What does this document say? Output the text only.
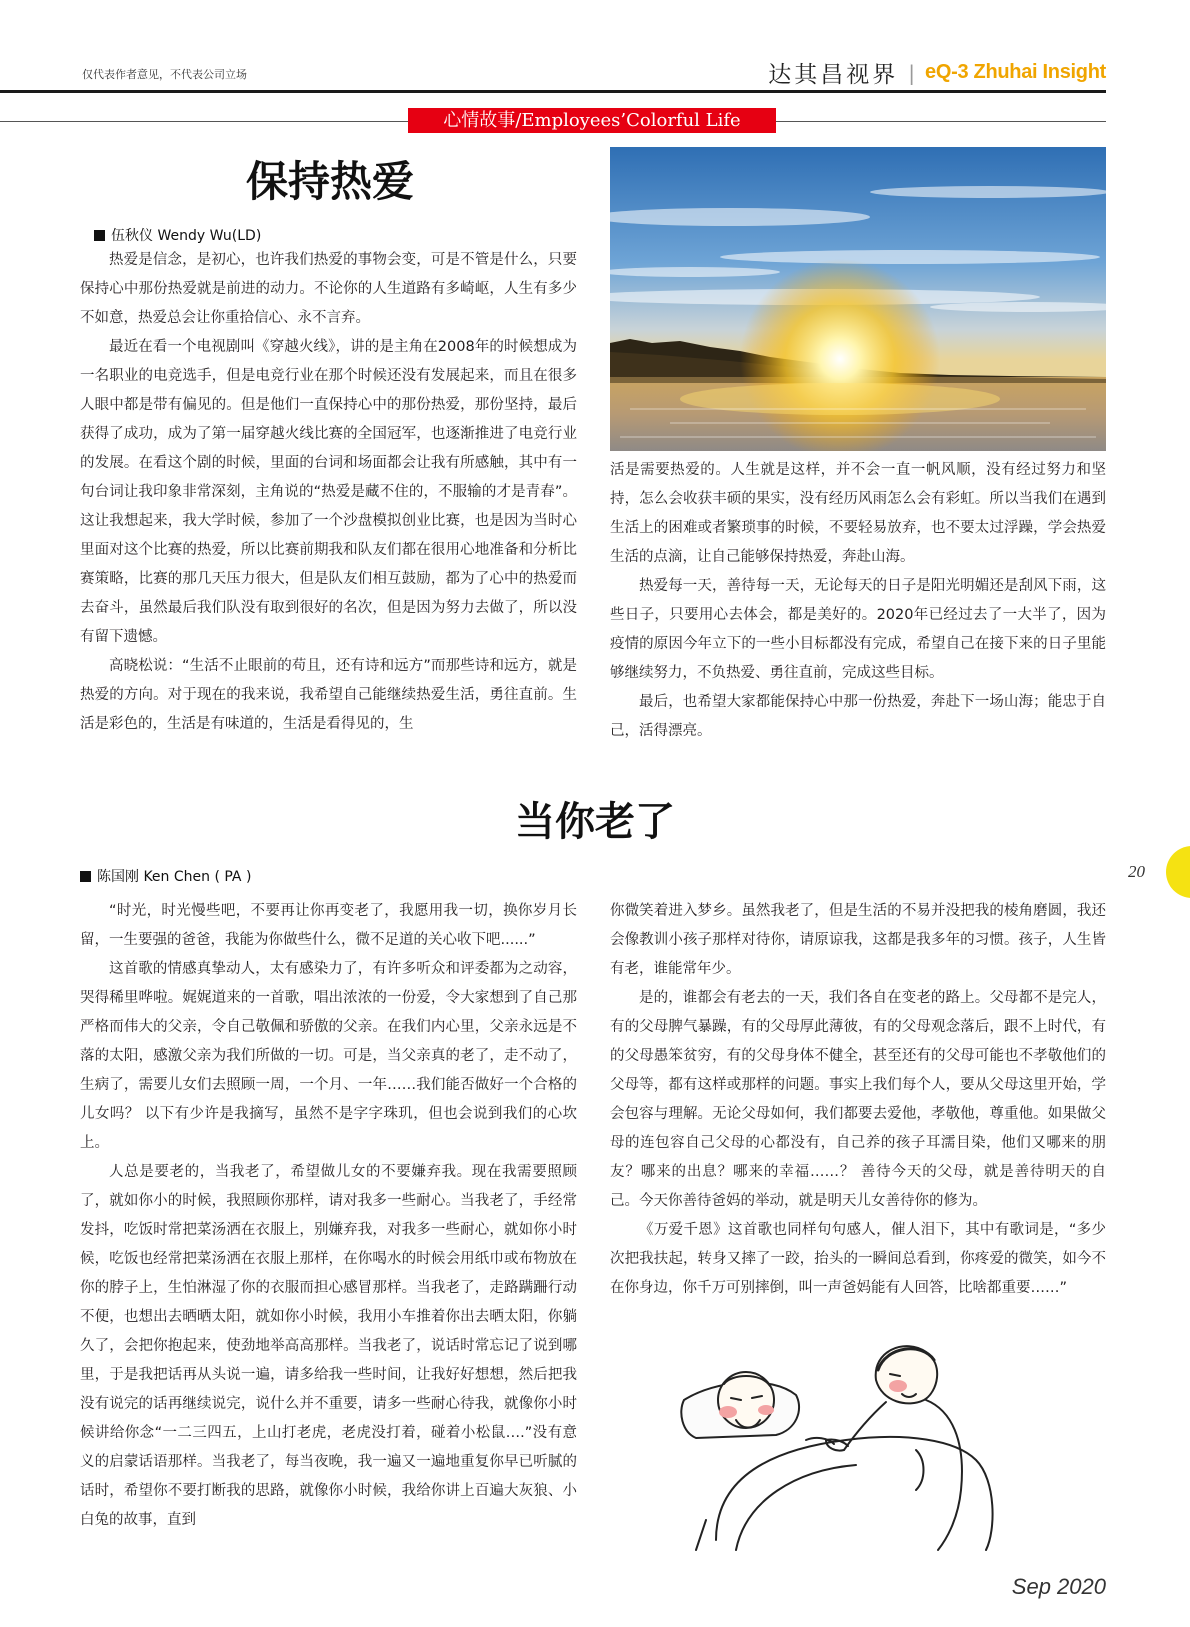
仅代表作者意见，不代表公司立场	达其昌视界 | eQ-3 Zhuhai Insight
心情故事/Employees’Colorful Life
保持热爱
伍秋仪 Wendy Wu(LD)

热爱是信念，是初心，也许我们热爱的事物会变，可是不管是什么，只要保持心中那份热爱就是前进的动力。不论你的人生道路有多崎岖，人生有多少不如意，热爱总会让你重拾信心、永不言弃。

最近在看一个电视剧叫《穿越火线》，讲的是主角在2008年的时候想成为一名职业的电竞选手，但是电竞行业在那个时候还没有发展起来，而且在很多人眼中都是带有偏见的。但是他们一直保持心中的那份热爱，那份坚持，最后获得了成功，成为了第一届穿越火线比赛的全国冠军，也逐渐推进了电竞行业的发展。在看这个剧的时候，里面的台词和场面都会让我有所感触，其中有一句台词让我印象非常深刻，主角说的“热爱是藏不住的，不服输的才是青春”。这让我想起来，我大学时候，参加了一个沙盘模拟创业比赛，也是因为当时心里面对这个比赛的热爱，所以比赛前期我和队友们都在很用心地准备和分析比赛策略，比赛的那几天压力很大，但是队友们相互鼓励，都为了心中的热爱而去奋斗，虽然最后我们队没有取到很好的名次，但是因为努力去做了，所以没有留下遗憾。

高晓松说：“生活不止眼前的苟且，还有诗和远方”而那些诗和远方，就是热爱的方向。对于现在的我来说，我希望自己能继续热爱生活，勇往直前。生活是彩色的，生活是有味道的，生活是看得见的，生

活是需要热爱的。人生就是这样，并不会一直一帆风顺，没有经过努力和坚持，怎么会收获丰硕的果实，没有经历风雨怎么会有彩虹。所以当我们在遇到生活上的困难或者繁琐事的时候，不要轻易放弃，也不要太过浮躁，学会热爱生活的点滴，让自己能够保持热爱，奔赴山海。

热爱每一天，善待每一天，无论每天的日子是阳光明媚还是刮风下雨，这些日子，只要用心去体会，都是美好的。2020年已经过去了一大半了，因为疫情的原因今年立下的一些小目标都没有完成，希望自己在接下来的日子里能够继续努力，不负热爱、勇往直前，完成这些目标。

最后，也希望大家都能保持心中那一份热爱，奔赴下一场山海；能忠于自己，活得漂亮。

当你老了
陈国刚 Ken Chen ( PA )

“时光，时光慢些吧，不要再让你再变老了，我愿用我一切，换你岁月长留，一生要强的爸爸，我能为你做些什么，微不足道的关心收下吧......”

这首歌的情感真挚动人，太有感染力了，有许多听众和评委都为之动容，哭得稀里哗啦。娓娓道来的一首歌，唱出浓浓的一份爱，令大家想到了自己那严格而伟大的父亲，令自己敬佩和骄傲的父亲。在我们内心里，父亲永远是不落的太阳，感激父亲为我们所做的一切。可是，当父亲真的老了，走不动了，生病了，需要儿女们去照顾一周，一个月、一年……我们能否做好一个合格的儿女吗？ 以下有少许是我摘写，虽然不是字字珠玑，但也会说到我们的心坎上。

人总是要老的，当我老了，希望做儿女的不要嫌弃我。现在我需要照顾了，就如你小的时候，我照顾你那样，请对我多一些耐心。当我老了，手经常发抖，吃饭时常把菜汤洒在衣服上，别嫌弃我，对我多一些耐心，就如你小时候，吃饭也经常把菜汤洒在衣服上那样，在你喝水的时候会用纸巾或布物放在你的脖子上，生怕淋湿了你的衣服而担心感冒那样。当我老了，走路蹒跚行动不便，也想出去晒晒太阳，就如你小时候，我用小车推着你出去晒太阳，你躺久了，会把你抱起来，使劲地举高高那样。当我老了，说话时常忘记了说到哪里，于是我把话再从头说一遍，请多给我一些时间，让我好好想想，然后把我没有说完的话再继续说完，说什么并不重要，请多一些耐心待我，就像你小时候讲给你念“一二三四五，上山打老虎，老虎没打着，碰着小松鼠….”没有意义的启蒙话语那样。当我老了，每当夜晚，我一遍又一遍地重复你早已听腻的话时，希望你不要打断我的思路，就像你小时候，我给你讲上百遍大灰狼、小白兔的故事，直到

你微笑着进入梦乡。虽然我老了，但是生活的不易并没把我的棱角磨圆，我还会像教训小孩子那样对待你，请原谅我，这都是我多年的习惯。孩子，人生皆有老，谁能常年少。

是的，谁都会有老去的一天，我们各自在变老的路上。父母都不是完人，有的父母脾气暴躁，有的父母厚此薄彼，有的父母观念落后，跟不上时代，有的父母愚笨贫穷，有的父母身体不健全，甚至还有的父母可能也不孝敬他们的父母等，都有这样或那样的问题。事实上我们每个人，要从父母这里开始，学会包容与理解。无论父母如何，我们都要去爱他，孝敬他，尊重他。如果做父母的连包容自己父母的心都没有，自己养的孩子耳濡目染，他们又哪来的朋友？哪来的出息？哪来的幸福……？ 善待今天的父母，就是善待明天的自己。今天你善待爸妈的举动，就是明天儿女善待你的修为。

《万爱千恩》这首歌也同样句句感人，催人泪下，其中有歌词是，“多少次把我扶起，转身又摔了一跤，抬头的一瞬间总看到，你疼爱的微笑，如今不在你身边，你千万可别摔倒，叫一声爸妈能有人回答，比啥都重要……”

20
Sep 2020
